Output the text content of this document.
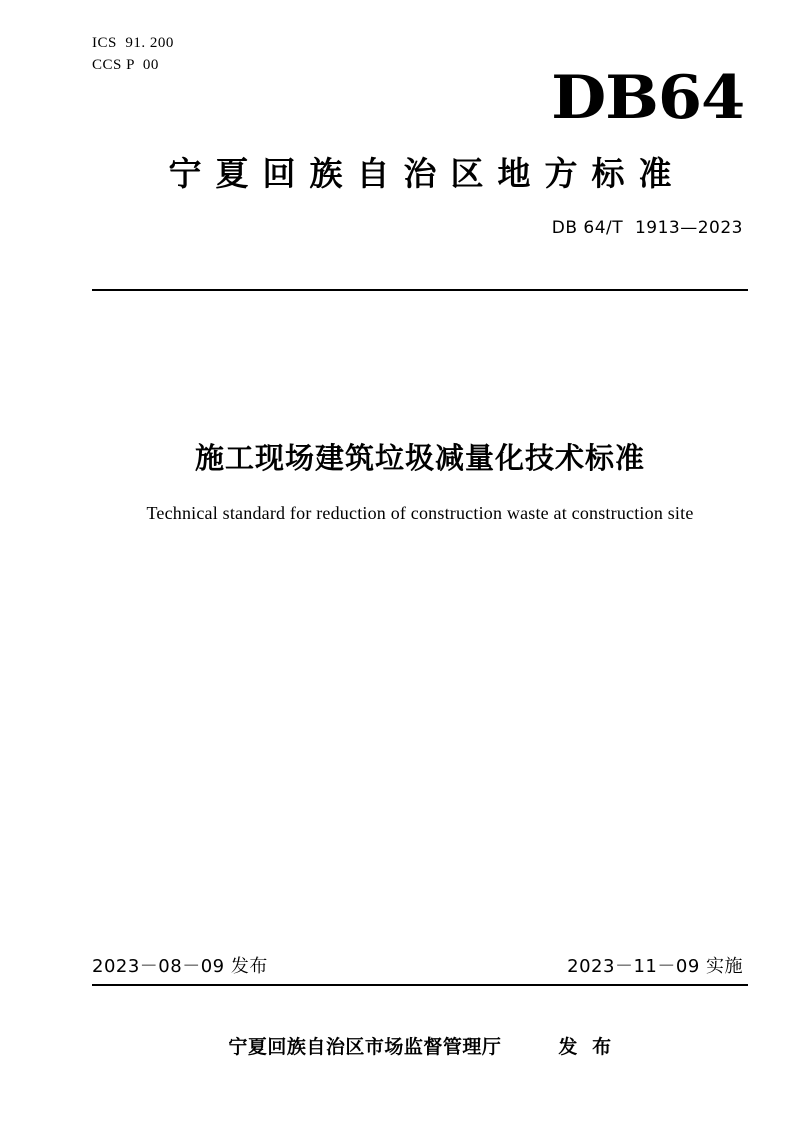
ICS  91. 200
CCS P  00	DB64
宁夏回族自治区地方标准
DB 64/T  1913—2023
施工现场建筑垃圾减量化技术标准
Technical standard for reduction of construction waste at construction site
2023－08－09 发布	2023－11－09 实施
宁夏回族自治区市场监督管理厅        发  布
